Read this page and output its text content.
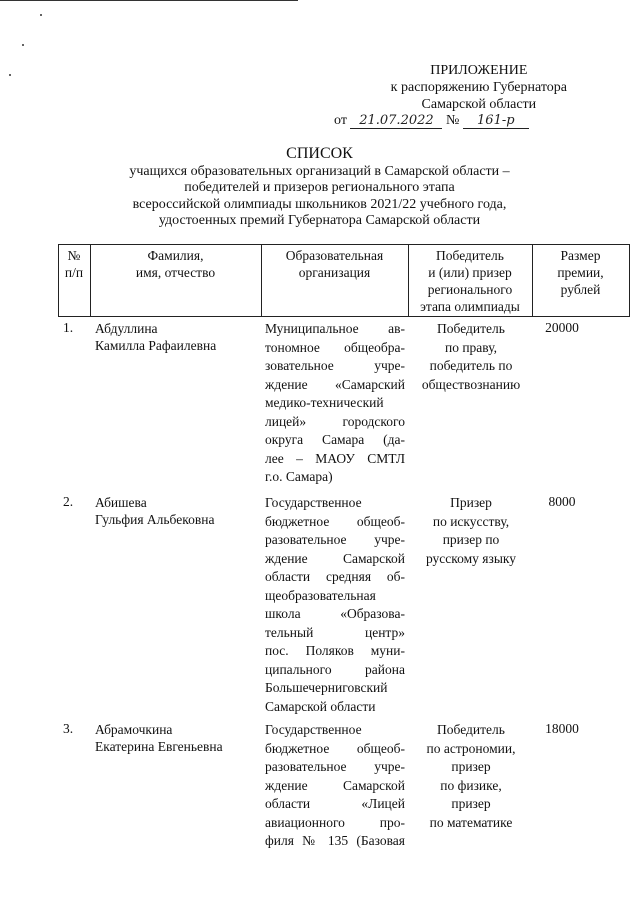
ПРИЛОЖЕНИЕ
к распоряжению Губернатора
Самарской области
от 21.07.2022 № 161-р
СПИСОК
учащихся образовательных организаций в Самарской области –
победителей и призеров регионального этапа
всероссийской олимпиады школьников 2021/22 учебного года,
удостоенных премий Губернатора Самарской области
№
п/п
Фамилия,
имя, отчество
Образовательная
организация
Победитель
и (или) призер
регионального
этапа олимпиады
Размер
премии,
рублей
1. Абдуллина
Камилла Рафаилевна
Муниципальное ав-
тономное общеобра-
зовательное учре-
ждение «Самарский
медико-технический
лицей» городского
округа Самара (да-
лее – МАОУ СМТЛ
г.о. Самара)
Победитель
по праву,
победитель по
обществознанию
20000
2. Абишева
Гульфия Альбековна
Государственное
бюджетное общеоб-
разовательное учре-
ждение Самарской
области средняя об-
щеобразовательная
школа «Образова-
тельный центр»
пос. Поляков муни-
ципального района
Большечерниговский
Самарской области
Призер
по искусству,
призер по
русскому языку
8000
3. Абрамочкина
Екатерина Евгеньевна
Государственное
бюджетное общеоб-
разовательное учре-
ждение Самарской
области «Лицей
авиационного про-
филя № 135 (Базовая
Победитель
по астрономии,
призер
по физике,
призер
по математике
18000
